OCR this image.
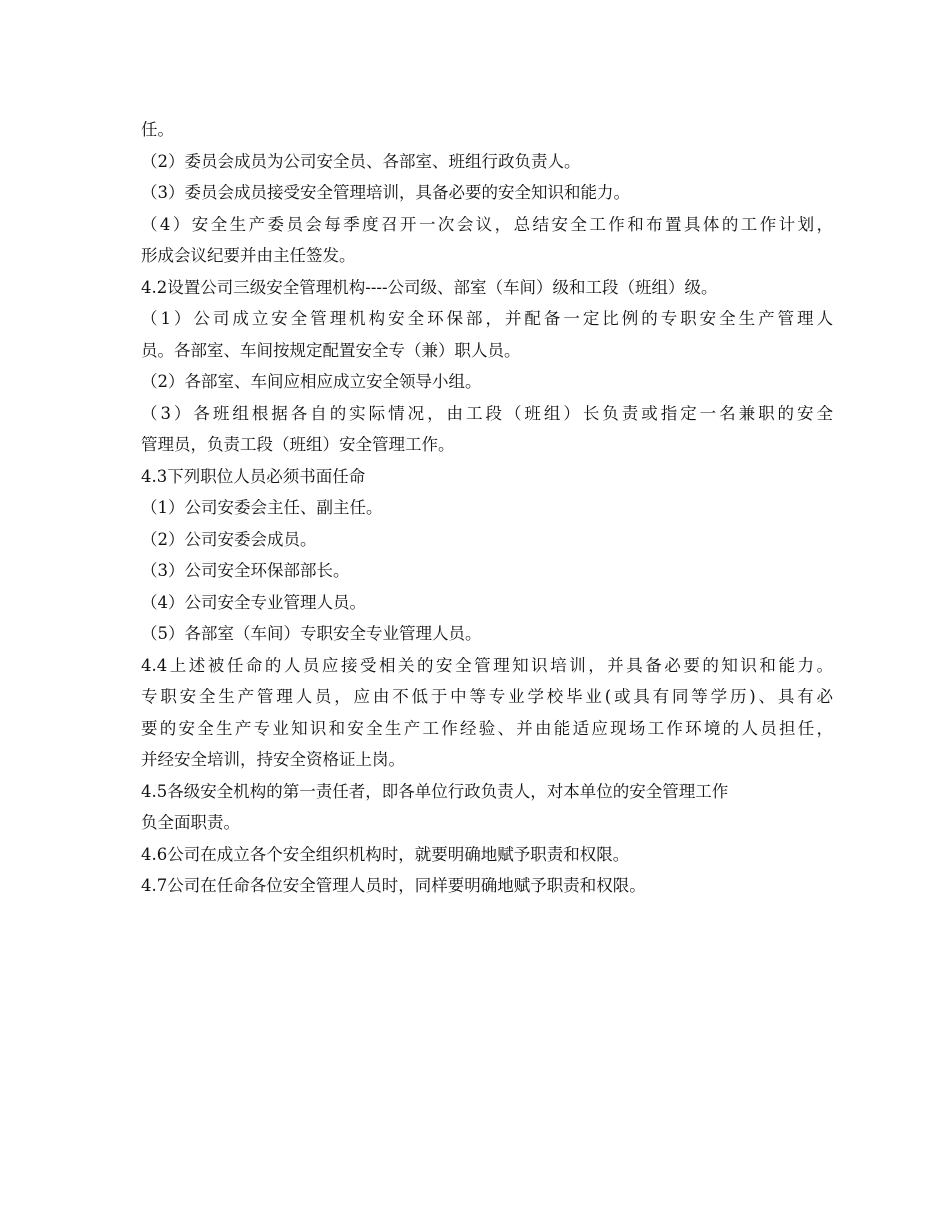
任。
（2）委员会成员为公司安全员、各部室、班组行政负责人。
（3）委员会成员接受安全管理培训，具备必要的安全知识和能力。
（4）安全生产委员会每季度召开一次会议，总结安全工作和布置具体的工作计划，
形成会议纪要并由主任签发。
4.2设置公司三级安全管理机构----公司级、部室（车间）级和工段（班组）级。
（1）公司成立安全管理机构安全环保部，并配备一定比例的专职安全生产管理人
员。各部室、车间按规定配置安全专（兼）职人员。
（2）各部室、车间应相应成立安全领导小组。
（3）各班组根据各自的实际情况，由工段（班组）长负责或指定一名兼职的安全
管理员，负责工段（班组）安全管理工作。
4.3下列职位人员必须书面任命
（1）公司安委会主任、副主任。
（2）公司安委会成员。
（3）公司安全环保部部长。
（4）公司安全专业管理人员。
（5）各部室（车间）专职安全专业管理人员。
4.4上述被任命的人员应接受相关的安全管理知识培训，并具备必要的知识和能力。
专职安全生产管理人员，应由不低于中等专业学校毕业(或具有同等学历)、具有必
要的安全生产专业知识和安全生产工作经验、并由能适应现场工作环境的人员担任，
并经安全培训，持安全资格证上岗。
4.5各级安全机构的第一责任者，即各单位行政负责人，对本单位的安全管理工作
负全面职责。
4.6公司在成立各个安全组织机构时，就要明确地赋予职责和权限。
4.7公司在任命各位安全管理人员时，同样要明确地赋予职责和权限。
